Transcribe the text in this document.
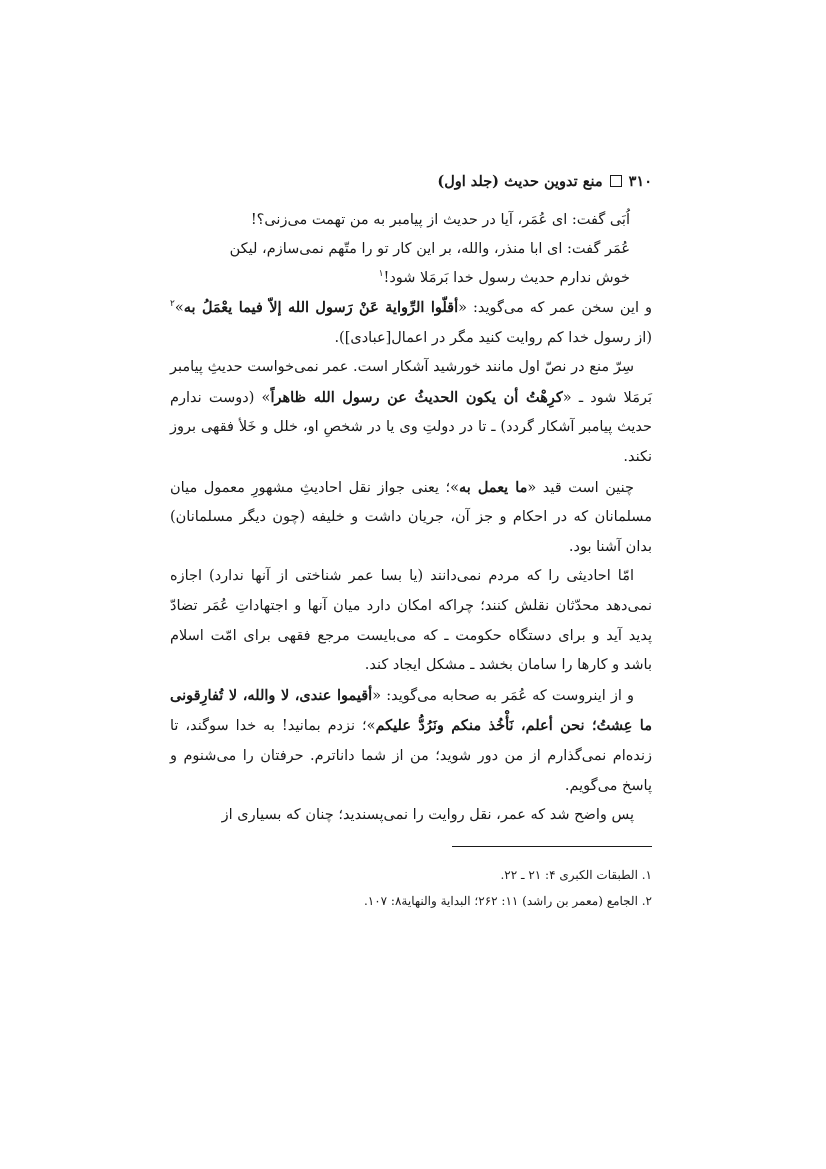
۳۱۰
منع تدوین حدیث (جلد اول)
اُبَی گفت: ای عُمَر، آیا در حدیث از پیامبر به من تهمت می‌زنی؟!
عُمَر گفت: ای ابا منذر، والله، بر این کار تو را متّهم نمی‌سازم، لیکن
خوش ندارم حدیث رسول خدا بَرمَلا شود!$^۱$

و این سخن عمر که می‌گوید: «أقلّوا الرِّوایة عَنْ رَسول الله إلاّ فیما یعْمَلُ به»$^۲$ (از رسول خدا کم روایت کنید مگر در اعمال[عبادی]).

سِرّ منع در نصّ اول مانند خورشید آشکار است. عمر نمی‌خواست حدیثِ پیامبر بَرمَلا شود ـ «کرِهْتُ أن یکون الحدیثُ عن رسول الله ظاهراً» (دوست ندارم حدیث پیامبر آشکار گردد) ـ تا در دولتِ وی یا در شخصِ او، خلل و خَلأ فقهی بروز نکند.

چنین است قید «ما یعمل به»؛ یعنی جواز نقل احادیثِ مشهورِ معمول میان مسلمانان که در احکام و جز آن، جریان داشت و خلیفه (چون دیگر مسلمانان) بدان آشنا بود.

امّا احادیثی را که مردم نمی‌دانند (یا بسا عمر شناختی از آنها ندارد) اجازه نمی‌دهد محدّثان نقلش کنند؛ چراکه امکان دارد میان آنها و اجتهاداتِ عُمَر تضادّ پدید آید و برای دستگاه حکومت ـ که می‌بایست مرجع فقهی برای امّت اسلام باشد و کارها را سامان بخشد ـ مشکل ایجاد کند.

و از اینروست که عُمَر به صحابه می‌گوید: «أقیموا عندی، لا والله، لا تُفارِقونی ما عِشتُ؛ نحن أعلم، نَأْخُذ منکم ونَرُدُّ علیکم»؛ نزدم بمانید! به خدا سوگند، تا زنده‌ام نمی‌گذارم از من دور شوید؛ من از شما داناترم. حرفتان را می‌شنوم و پاسخ می‌گویم.

پس واضح شد که عمر، نقل روایت را نمی‌پسندید؛ چنان که بسیاری از

۱. الطبقات الکبری ۴: ۲۱ ـ ۲۲.
۲. الجامع (معمر بن راشد) ۱۱: ۲۶۲؛ البدایة والنهایة۸: ۱۰۷.
